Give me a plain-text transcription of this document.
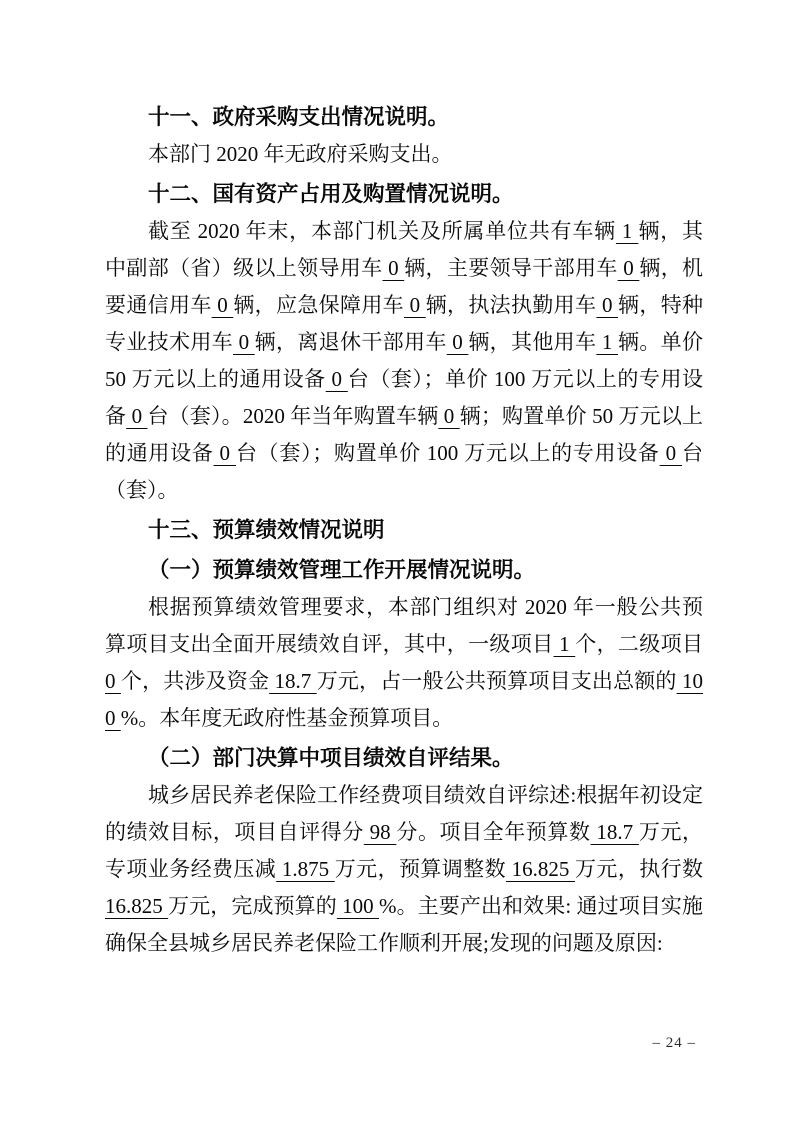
十一、政府采购支出情况说明。

本部门 2020 年无政府采购支出。

十二、国有资产占用及购置情况说明。

截至 2020 年末，本部门机关及所属单位共有车辆 1 辆，其中副部（省）级以上领导用车 0 辆，主要领导干部用车 0 辆，机要通信用车 0 辆，应急保障用车 0 辆，执法执勤用车 0 辆，特种专业技术用车 0 辆，离退休干部用车 0 辆，其他用车 1 辆。单价 50 万元以上的通用设备 0 台（套）；单价 100 万元以上的专用设备 0 台（套）。2020 年当年购置车辆 0 辆；购置单价 50 万元以上的通用设备 0 台（套）；购置单价 100 万元以上的专用设备 0 台（套）。

十三、预算绩效情况说明

（一）预算绩效管理工作开展情况说明。

根据预算绩效管理要求，本部门组织对 2020 年一般公共预算项目支出全面开展绩效自评，其中，一级项目 1 个，二级项目 0 个，共涉及资金 18.7 万元，占一般公共预算项目支出总额的 100 %。本年度无政府性基金预算项目。

（二）部门决算中项目绩效自评结果。

城乡居民养老保险工作经费项目绩效自评综述:根据年初设定的绩效目标，项目自评得分 98 分。项目全年预算数 18.7 万元，专项业务经费压减 1.875 万元，预算调整数 16.825 万元，执行数 16.825 万元，完成预算的 100 %。主要产出和效果: 通过项目实施确保全县城乡居民养老保险工作顺利开展;发现的问题及原因:

– 24 –
